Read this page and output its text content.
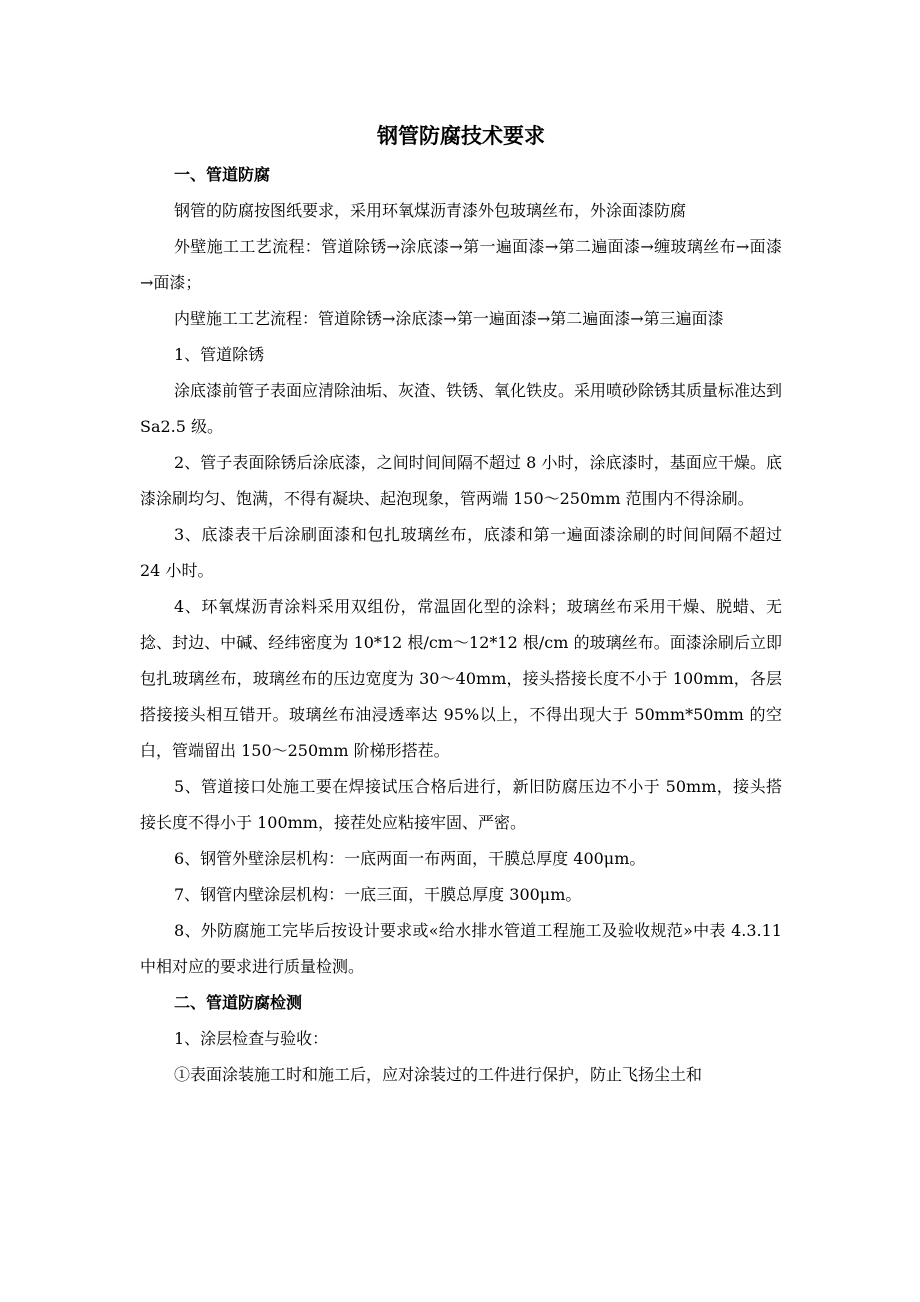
钢管防腐技术要求
一、管道防腐

钢管的防腐按图纸要求，采用环氧煤沥青漆外包玻璃丝布，外涂面漆防腐

外壁施工工艺流程：管道除锈→涂底漆→第一遍面漆→第二遍面漆→缠玻璃丝布→面漆→面漆；

内壁施工工艺流程：管道除锈→涂底漆→第一遍面漆→第二遍面漆→第三遍面漆

1、管道除锈

涂底漆前管子表面应清除油垢、灰渣、铁锈、氧化铁皮。采用喷砂除锈其质量标准达到 Sa2.5 级。

2、管子表面除锈后涂底漆，之间时间间隔不超过 8 小时，涂底漆时，基面应干燥。底漆涂刷均匀、饱满，不得有凝块、起泡现象，管两端 150～250mm 范围内不得涂刷。

3、底漆表干后涂刷面漆和包扎玻璃丝布，底漆和第一遍面漆涂刷的时间间隔不超过 24 小时。

4、环氧煤沥青涂料采用双组份，常温固化型的涂料；玻璃丝布采用干燥、脱蜡、无捻、封边、中碱、经纬密度为 10*12 根/cm～12*12 根/cm 的玻璃丝布。面漆涂刷后立即包扎玻璃丝布，玻璃丝布的压边宽度为 30～40mm，接头搭接长度不小于 100mm，各层搭接接头相互错开。玻璃丝布油浸透率达 95%以上，不得出现大于 50mm*50mm 的空白，管端留出 150～250mm 阶梯形搭茬。

5、管道接口处施工要在焊接试压合格后进行，新旧防腐压边不小于 50mm，接头搭接长度不得小于 100mm，接茬处应粘接牢固、严密。

6、钢管外壁涂层机构：一底两面一布两面，干膜总厚度 400μm。

7、钢管内壁涂层机构：一底三面，干膜总厚度 300μm。

8、外防腐施工完毕后按设计要求或«给水排水管道工程施工及验收规范»中表 4.3.11 中相对应的要求进行质量检测。

二、管道防腐检测

1、涂层检查与验收：

①表面涂装施工时和施工后，应对涂装过的工件进行保护，防止飞扬尘土和
